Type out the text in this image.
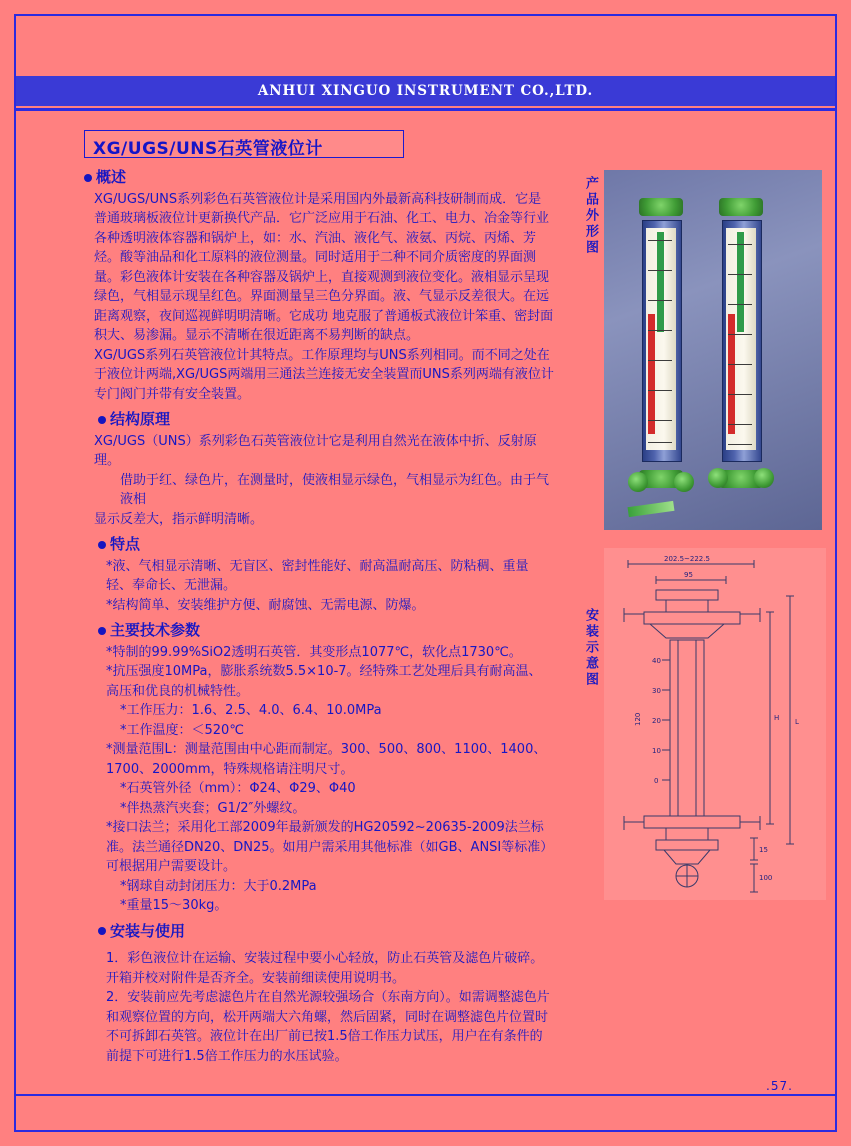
ANHUI XINGUO INSTRUMENT CO.,LTD.
XG/UGS/UNS石英管液位计
概述

XG/UGS/UNS系列彩色石英管液位计是采用国内外最新高科技研制而成．它是普通玻璃板液位计更新换代产品．它广泛应用于石油、化工、电力、冶金等行业各种透明液体容器和锅炉上，如：水、汽油、液化气、液氨、丙烷、丙烯、芳烃。酸等油品和化工原料的液位测量。同时适用于二种不同介质密度的界面测量。彩色液体计安装在各种容器及锅炉上，直接观测到液位变化。液相显示呈现绿色，气相显示现呈红色。界面测量呈三色分界面。液、气显示反差很大。在远距离观察，夜间巡视鲜明明清晰。它成功 地克服了普通板式液位计笨重、密封面积大、易渗漏。显示不清晰在很近距离不易判断的缺点。

XG/UGS系列石英管液位计其特点。工作原理均与UNS系列相同。而不同之处在于液位计两端,XG/UGS两端用三通法兰连接无安全装置而UNS系列两端有液位计专门阀门并带有安全装置。

结构原理

XG/UGS（UNS）系列彩色石英管液位计它是利用自然光在液体中折、反射原理。

借助于红、绿色片，在测量时，使液相显示绿色，气相显示为红色。由于气液相

显示反差大，指示鲜明清晰。

特点

*液、气相显示清晰、无盲区、密封性能好、耐高温耐高压、防粘稠、重量轻、奉命长、无泄漏。

*结构简单、安装维护方便、耐腐蚀、无需电源、防爆。

主要技术参数

*特制的99.99%SiO2透明石英管．其变形点1077℃，软化点1730℃。

*抗压强度10MPa，膨胀系统数5.5×10-7。经特殊工艺处理后具有耐高温、高压和优良的机械特性。

*工作压力：1.6、2.5、4.0、6.4、10.0MPa

*工作温度：＜520℃

*测量范围L：测量范围由中心距而制定。300、500、800、1100、1400、1700、2000mm，特殊规格请注明尺寸。

*石英管外径（mm）：Φ24、Φ29、Φ40

*伴热蒸汽夹套；G1/2″外螺纹。

*接口法兰；采用化工部2009年最新颁发的HG20592~20635-2009法兰标准。法兰通径DN20、DN25。如用户需采用其他标准（如GB、ANSI等标准）可根据用户需要设计。

*钢球自动封闭压力：大于0.2MPa

*重量15～30kg。

安装与使用

1．彩色液位计在运输、安装过程中要小心轻放，防止石英管及滤色片破碎。开箱并校对附件是否齐全。安装前细读使用说明书。

2．安装前应先考虑滤色片在自然光源较强场合（东南方向）。如需调整滤色片和观察位置的方向，松开两端大六角螺，然后固紧，同时在调整滤色片位置时不可拆卸石英管。液位计在出厂前已按1.5倍工作压力试压，用户在有条件的前提下可进行1.5倍工作压力的水压试验。

产品外形图
安装示意图
202.5~222.5
95
H L
15
100
120
40
30
20
10
0
.57.
